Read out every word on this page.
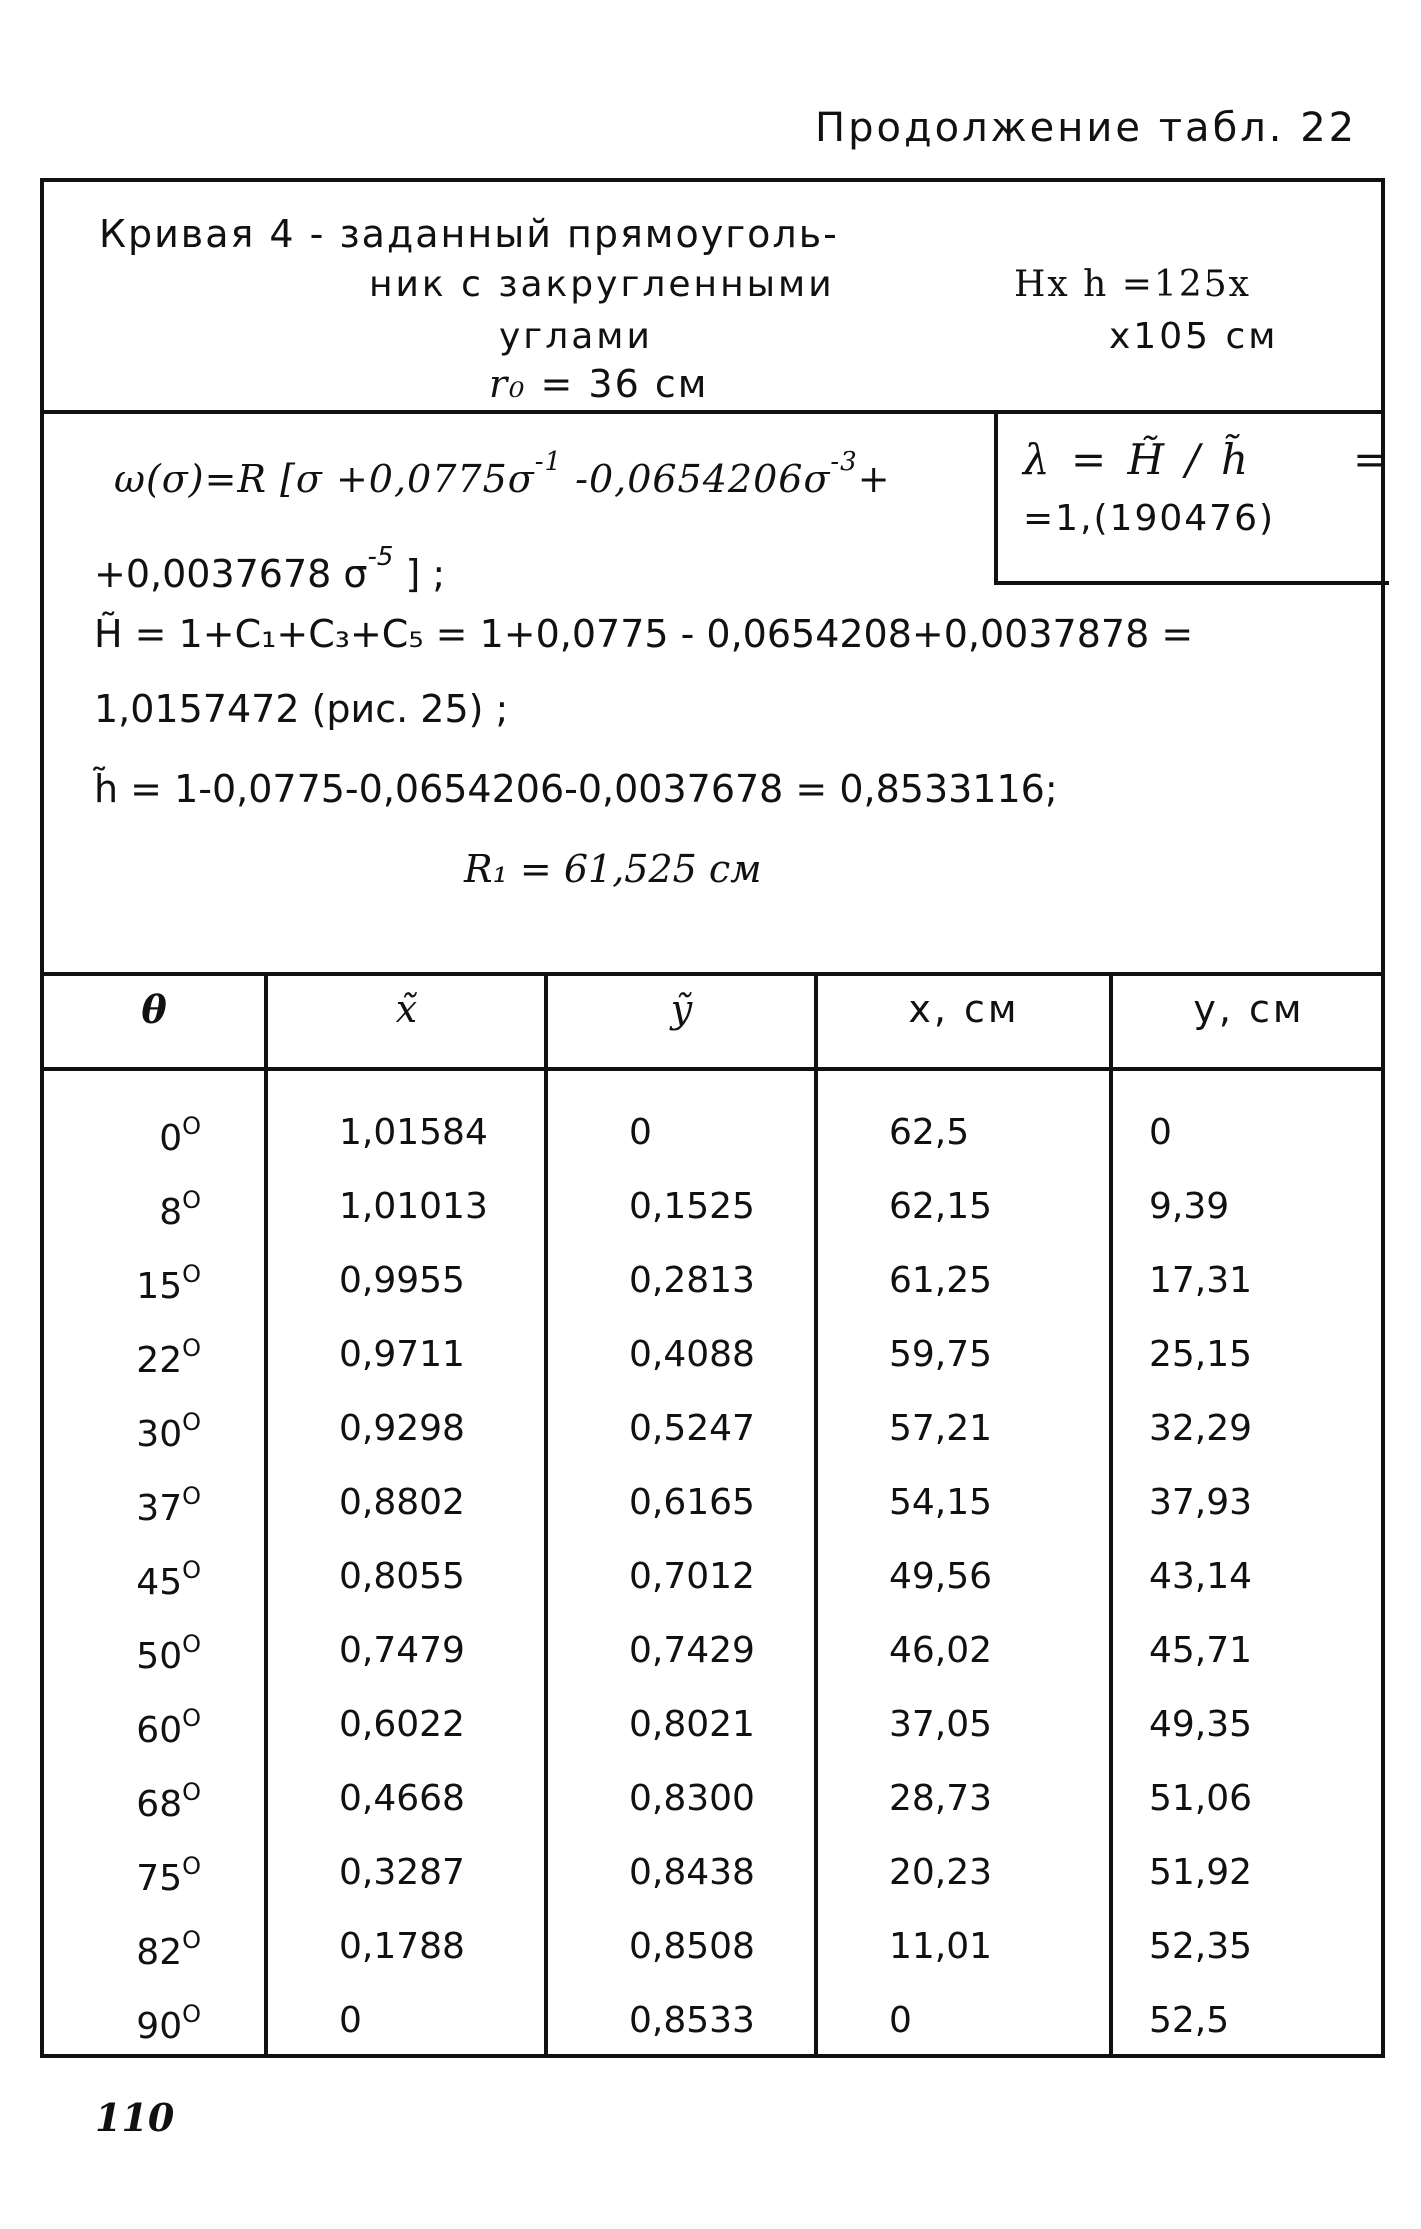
Продолжение табл. 22
Кривая 4 - заданный прямоуголь-
ник с закругленными
углами
r₀ = 36 см
Hx h =125x
x105 см
λ = H̃ / h̃ =
=1,(190476)
ω(σ)=R [$\sigma +0,0775\sigma^{-1}$ $-0,0654206\sigma^{-3}+$
+0,0037678 $\sigma^{-5}$ ] ;
H̃ = 1+C₁+C₃+C₅ = 1+0,0775 - 0,0654208+0,0037878 =
1,0157472 (рис. 25) ;
h̃ = 1-0,0775-0,0654206-0,0037678 = 0,8533116;
R₁ = 61,525 см
θ	x̃	ỹ	x, см	y, см
$0^O$	1,01584	0	62,5	0
$8^O$	1,01013	0,1525	62,15	9,39
$15^O$	0,9955	0,2813	61,25	17,31
$22^O$	0,9711	0,4088	59,75	25,15
$30^O$	0,9298	0,5247	57,21	32,29
$37^O$	0,8802	0,6165	54,15	37,93
$45^O$	0,8055	0,7012	49,56	43,14
$50^O$	0,7479	0,7429	46,02	45,71
$60^O$	0,6022	0,8021	37,05	49,35
$68^O$	0,4668	0,8300	28,73	51,06
$75^O$	0,3287	0,8438	20,23	51,92
$82^O$	0,1788	0,8508	11,01	52,35
$90^O$	0	0,8533	0	52,5
110
